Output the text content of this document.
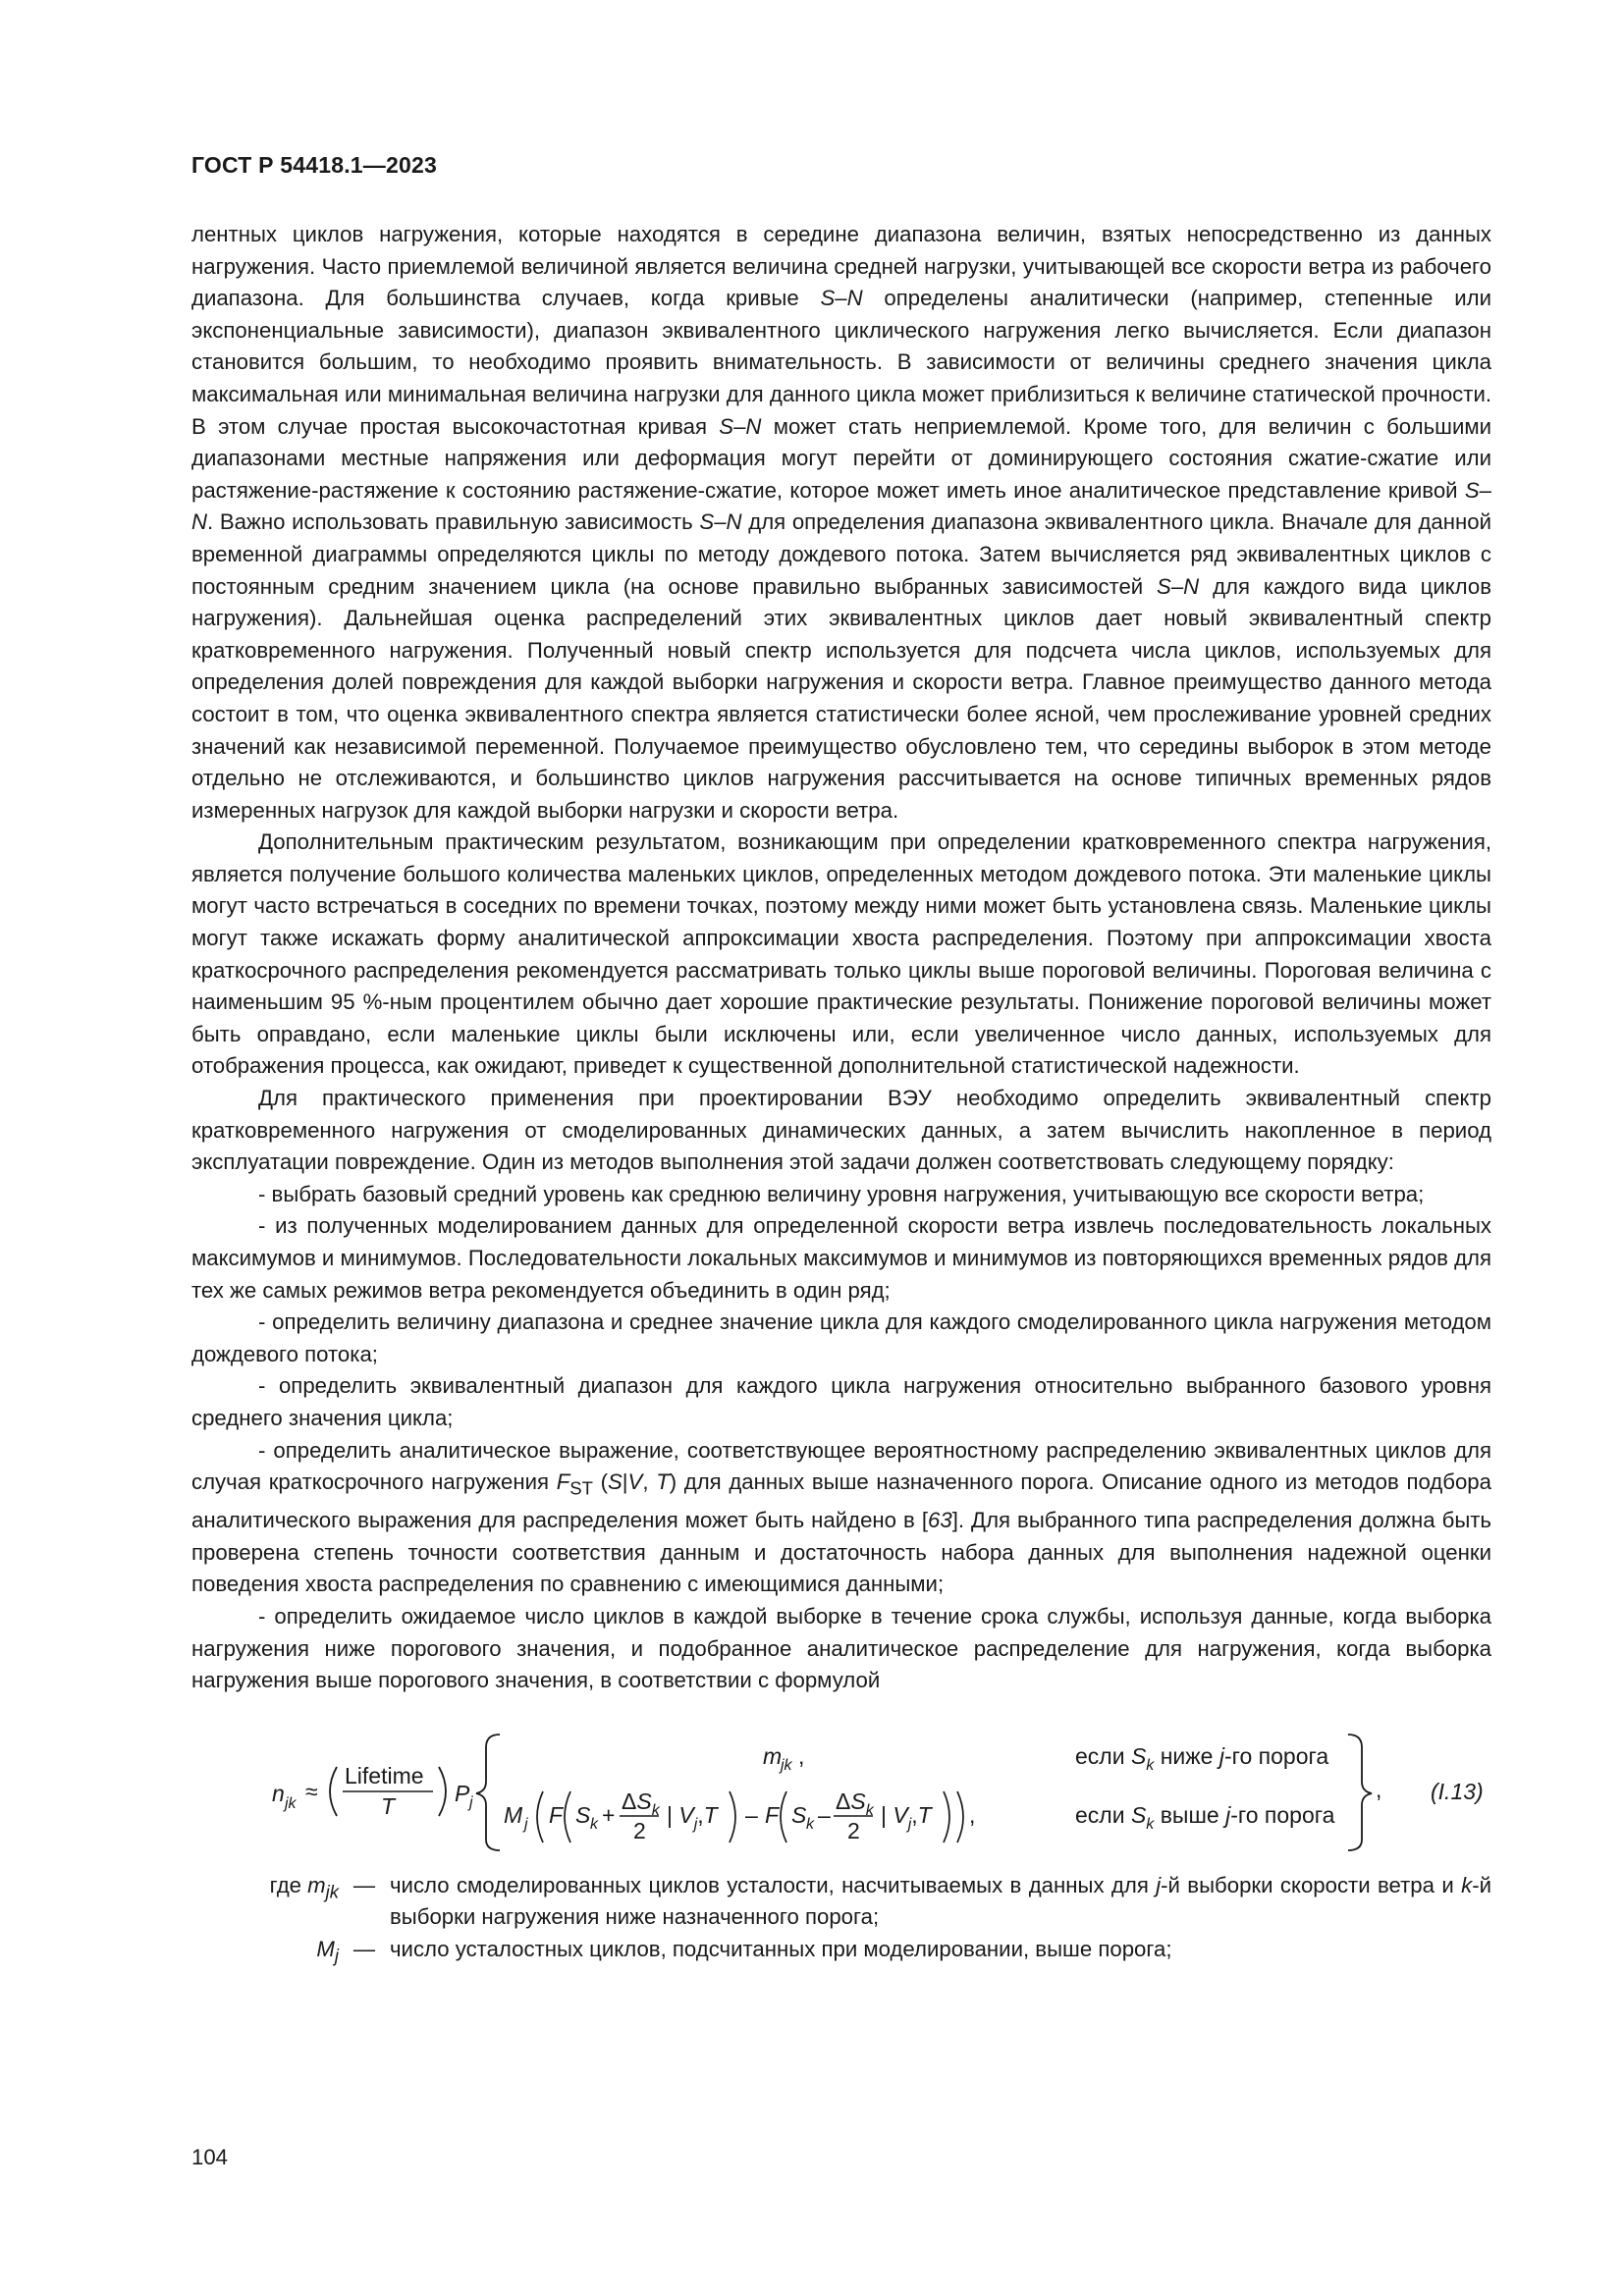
ГОСТ Р 54418.1—2023

лентных циклов нагружения, которые находятся в середине диапазона величин, взятых непосредственно из данных нагружения. Часто приемлемой величиной является величина средней нагрузки, учитывающей все скорости ветра из рабочего диапазона. Для большинства случаев, когда кривые S–N определены аналитически (например, степенные или экспоненциальные зависимости), диапазон эквивалентного циклического нагружения легко вычисляется. Если диапазон становится большим, то необходимо проявить внимательность. В зависимости от величины среднего значения цикла максимальная или минимальная величина нагрузки для данного цикла может приблизиться к величине статической прочности. В этом случае простая высокочастотная кривая S–N может стать неприемлемой. Кроме того, для величин с большими диапазонами местные напряжения или деформация могут перейти от доминирующего состояния сжатие-сжатие или растяжение-растяжение к состоянию растяжение-сжатие, которое может иметь иное аналитическое представление кривой S–N. Важно использовать правильную зависимость S–N для определения диапазона эквивалентного цикла. Вначале для данной временной диаграммы определяются циклы по методу дождевого потока. Затем вычисляется ряд эквивалентных циклов с постоянным средним значением цикла (на основе правильно выбранных зависимостей S–N для каждого вида циклов нагружения). Дальнейшая оценка распределений этих эквивалентных циклов дает новый эквивалентный спектр кратковременного нагружения. Полученный новый спектр используется для подсчета числа циклов, используемых для определения долей повреждения для каждой выборки нагружения и скорости ветра. Главное преимущество данного метода состоит в том, что оценка эквивалентного спектра является статистически более ясной, чем прослеживание уровней средних значений как независимой переменной. Получаемое преимущество обусловлено тем, что середины выборок в этом методе отдельно не отслеживаются, и большинство циклов нагружения рассчитывается на основе типичных временных рядов измеренных нагрузок для каждой выборки нагрузки и скорости ветра.

Дополнительным практическим результатом, возникающим при определении кратковременного спектра нагружения, является получение большого количества маленьких циклов, определенных методом дождевого потока. Эти маленькие циклы могут часто встречаться в соседних по времени точках, поэтому между ними может быть установлена связь. Маленькие циклы могут также искажать форму аналитической аппроксимации хвоста распределения. Поэтому при аппроксимации хвоста краткосрочного распределения рекомендуется рассматривать только циклы выше пороговой величины. Пороговая величина с наименьшим 95 %-ным процентилем обычно дает хорошие практические результаты. Понижение пороговой величины может быть оправдано, если маленькие циклы были исключены или, если увеличенное число данных, используемых для отображения процесса, как ожидают, приведет к существенной дополнительной статистической надежности.

Для практического применения при проектировании ВЭУ необходимо определить эквивалентный спектр кратковременного нагружения от смоделированных динамических данных, а затем вычислить накопленное в период эксплуатации повреждение. Один из методов выполнения этой задачи должен соответствовать следующему порядку:

- выбрать базовый средний уровень как среднюю величину уровня нагружения, учитывающую все скорости ветра;

- из полученных моделированием данных для определенной скорости ветра извлечь последовательность локальных максимумов и минимумов. Последовательности локальных максимумов и минимумов из повторяющихся временных рядов для тех же самых режимов ветра рекомендуется объединить в один ряд;

- определить величину диапазона и среднее значение цикла для каждого смоделированного цикла нагружения методом дождевого потока;

- определить эквивалентный диапазон для каждого цикла нагружения относительно выбранного базового уровня среднего значения цикла;

- определить аналитическое выражение, соответствующее вероятностному распределению эквивалентных циклов для случая краткосрочного нагружения $F_{ST}$ (S|V, T) для данных выше назначенного порога. Описание одного из методов подбора аналитического выражения для распределения может быть найдено в [63]. Для выбранного типа распределения должна быть проверена степень точности соответствия данным и достаточность набора данных для выполнения надежной оценки поведения хвоста распределения по сравнению с имеющимися данными;

- определить ожидаемое число циклов в каждой выборке в течение срока службы, используя данные, когда выборка нагружения ниже порогового значения, и подобранное аналитическое распределение для нагружения, когда выборка нагружения выше порогового значения, в соответствии с формулой

n jk ≈
Lifetime
T	P j
m
jk ,	если $S_k$ ниже j-го порога
M j F S k +
$\Delta S_k$
2
| $V_j,T$ – F S k –
$\Delta S_k$
2
| $V_j,T$ ,	если $S_k$ выше j-го порога
, (I.13)
где $m_{jk}$ — число смоделированных циклов усталости, насчитываемых в данных для j-й выборки скорости ветра и k-й выборки нагружения ниже назначенного порога;
$M_j$ — число усталостных циклов, подсчитанных при моделировании, выше порога;
104
